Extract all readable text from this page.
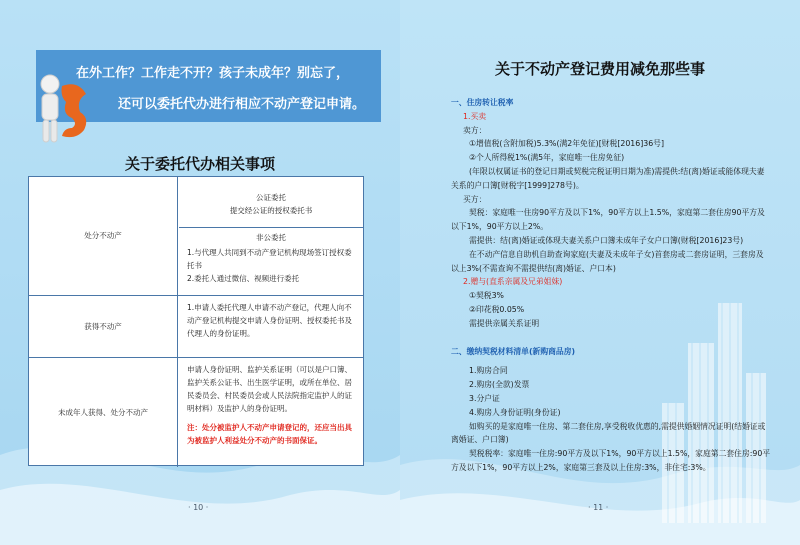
在外工作？工作走不开？孩子未成年？别忘了，
还可以委托代办进行相应不动产登记申请。
关于委托代办相关事项
处分不动产
公证委托
提交经公证的授权委托书
非公委托
1.与代理人共同到不动产登记机构现场签订授权委托书
2.委托人通过微信、视频进行委托
获得不动产
1.申请人委托代理人申请不动产登记，代理人向不动产登记机构提交申请人身份证明、授权委托书及代理人的身份证明。
未成年人获得、处分不动产
申请人身份证明、监护关系证明（可以是户口簿、监护关系公证书、出生医学证明，或所在单位、居民委员会、村民委员会或人民法院指定监护人的证明材料）及监护人的身份证明。
注：处分被监护人不动产申请登记的，还应当出具为被监护人利益处分不动产的书面保证。
· 10 ·
关于不动产登记费用减免那些事

一、住房转让税率

1.买卖

卖方：

①增值税(含附加税)5.3%(满2年免征)[财税[2016]36号]

②个人所得税1%(满5年，家庭唯一住房免征)

(年限以权属证书的登记日期或契税完税证明日期为准)需提供:结(离)婚证或能体现夫妻关系的户口簿[财税字[1999]278号)。

买方：

契税：家庭唯一住房90平方及以下1%，90平方以上1.5%，家庭第二套住房90平方及以下1%，90平方以上2%。

需提供：结(离)婚证或体现夫妻关系户口簿未成年子女户口簿(财税[2016]23号)

在不动产信息自助机自助查询家庭(夫妻及未成年子女)首套房或二套房证明，三套房及以上3%(不需查询不需提供结(离)婚证、户口本)

2.赠与(直系亲属及兄弟姐妹)

①契税3%

②印花税0.05%

需提供亲属关系证明

二、缴纳契税材料清单(新购商品房)

1.购房合同

2.购房(全款)发票

3.分户证

4.购房人身份证明(身份证)

如购买的是家庭唯一住房、第二套住房,享受税收优惠的,需提供婚姻情况证明(结婚证或离婚证、户口簿)

契税税率：家庭唯一住房:90平方及以下1%，90平方以上1.5%，家庭第二套住房:90平方及以下1%，90平方以上2%，家庭第三套及以上住房:3%，非住宅:3%。

· 11 ·
